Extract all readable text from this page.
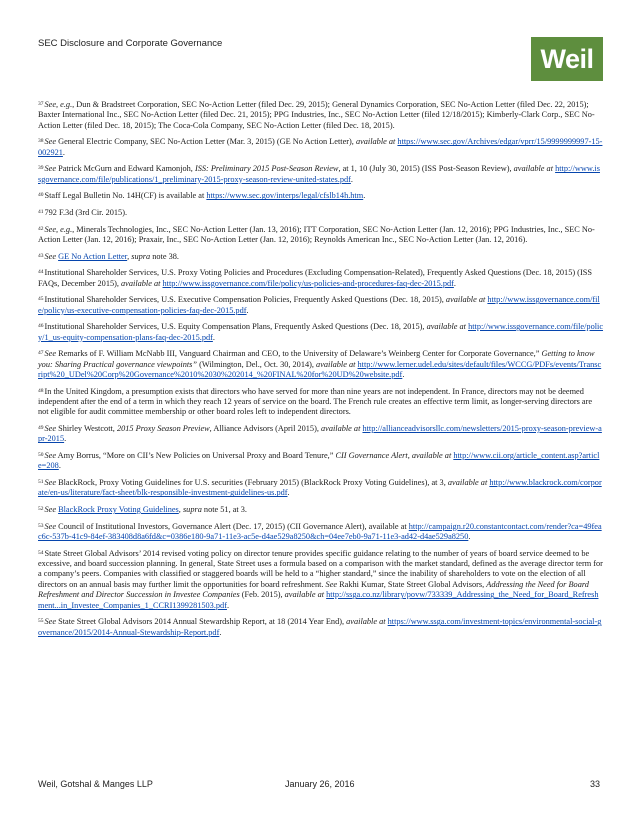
SEC Disclosure and Corporate Governance
Weil

$^{37}$See, e.g., Dun & Bradstreet Corporation, SEC No-Action Letter (filed Dec. 29, 2015); General Dynamics Corporation, SEC No-Action Letter (filed Dec. 22, 2015); Baxter International Inc., SEC No-Action Letter (filed Dec. 21, 2015); PPG Industries, Inc., SEC No-Action Letter (filed 12/18/2015); Kimberly-Clark Corp., SEC No-Action Letter (filed Dec. 18, 2015); The Coca-Cola Company, SEC No-Action Letter (filed Dec. 18, 2015).

$^{38}$See General Electric Company, SEC No-Action Letter (Mar. 3, 2015) (GE No Action Letter), available at https://www.sec.gov/Archives/edgar/vprr/15/9999999997-15-002921.

$^{39}$See Patrick McGurn and Edward Kamonjoh, ISS: Preliminary 2015 Post-Season Review, at 1, 10 (July 30, 2015) (ISS Post-Season Review), available at http://www.issgovernance.com/file/publications/1_preliminary-2015-proxy-season-review-united-states.pdf.

$^{40}$Staff Legal Bulletin No. 14H(CF) is available at https://www.sec.gov/interps/legal/cfslb14h.htm.

$^{41}$792 F.3d (3rd Cir. 2015).

$^{42}$See, e.g., Minerals Technologies, Inc., SEC No-Action Letter (Jan. 13, 2016); ITT Corporation, SEC No-Action Letter (Jan. 12, 2016); PPG Industries, Inc., SEC No-Action Letter (Jan. 12, 2016); Praxair, Inc., SEC No-Action Letter (Jan. 12, 2016); Reynolds American Inc., SEC No-Action Letter (Jan. 12, 2016).

$^{43}$See GE No Action Letter, supra note 38.

$^{44}$Institutional Shareholder Services, U.S. Proxy Voting Policies and Procedures (Excluding Compensation-Related), Frequently Asked Questions (Dec. 18, 2015) (ISS FAQs, December 2015), available at http://www.issgovernance.com/file/policy/us-policies-and-procedures-faq-dec-2015.pdf.

$^{45}$Institutional Shareholder Services, U.S. Executive Compensation Policies, Frequently Asked Questions (Dec. 18, 2015), available at http://www.issgovernance.com/file/policy/us-executive-compensation-policies-faq-dec-2015.pdf.

$^{46}$Institutional Shareholder Services, U.S. Equity Compensation Plans, Frequently Asked Questions (Dec. 18, 2015), available at http://www.issgovernance.com/file/policy/1_us-equity-compensation-plans-faq-dec-2015.pdf.

$^{47}$See Remarks of F. William McNabb III, Vanguard Chairman and CEO, to the University of Delaware’s Weinberg Center for Corporate Governance,” Getting to know you: Sharing Practical governance viewpoints” (Wilmington, Del., Oct. 30, 2014), available at http://www.lerner.udel.edu/sites/default/files/WCCG/PDFs/events/Transcript%20_UDel%20Corp%20Governance%2010%2030%202014_%20FINAL%20for%20UD%20website.pdf.

$^{48}$In the United Kingdom, a presumption exists that directors who have served for more than nine years are not independent. In France, directors may not be deemed independent after the end of a term in which they reach 12 years of service on the board. The French rule creates an effective term limit, as longer-serving directors are not eligible for audit committee membership or other board roles left to independent directors.

$^{49}$See Shirley Westcott, 2015 Proxy Season Preview, Alliance Advisors (April 2015), available at http://allianceadvisorsllc.com/newsletters/2015-proxy-season-preview-apr-2015.

$^{50}$See Amy Borrus, “More on CII’s New Policies on Universal Proxy and Board Tenure,” CII Governance Alert, available at http://www.cii.org/article_content.asp?article=208.

$^{51}$See BlackRock, Proxy Voting Guidelines for U.S. securities (February 2015) (BlackRock Proxy Voting Guidelines), at 3, available at http://www.blackrock.com/corporate/en-us/literature/fact-sheet/blk-responsible-investment-guidelines-us.pdf.

$^{52}$See BlackRock Proxy Voting Guidelines, supra note 51, at 3.

$^{53}$See Council of Institutional Investors, Governance Alert (Dec. 17, 2015) (CII Governance Alert), available at http://campaign.r20.constantcontact.com/render?ca=49feac6c-537b-41c9-84ef-383408d8a6fd&c=0386e180-9a71-11e3-ac5e-d4ae529a8250&ch=04ee7eb0-9a71-11e3-ad42-d4ae529a8250.

$^{54}$State Street Global Advisors’ 2014 revised voting policy on director tenure provides specific guidance relating to the number of years of board service deemed to be excessive, and board succession planning. In general, State Street uses a formula based on a comparison with the market standard, defined as the average director term for a company’s peers. Companies with classified or staggered boards will be held to a “higher standard,” since the inability of shareholders to vote on the election of all directors on an annual basis may further limit the opportunities for board refreshment. See Rakhi Kumar, State Street Global Advisors, Addressing the Need for Board Refreshment and Director Succession in Investee Companies (Feb. 2015), available at http://ssga.co.nz/library/povw/733339_Addressing_the_Need_for_Board_Refreshment...in_Investee_Companies_1_CCRI1399281503.pdf.

$^{55}$See State Street Global Advisors 2014 Annual Stewardship Report, at 18 (2014 Year End), available at https://www.ssga.com/investment-topics/environmental-social-governance/2015/2014-Annual-Stewardship-Report.pdf.

Weil, Gotshal & Manges LLP	January 26, 2016	33
